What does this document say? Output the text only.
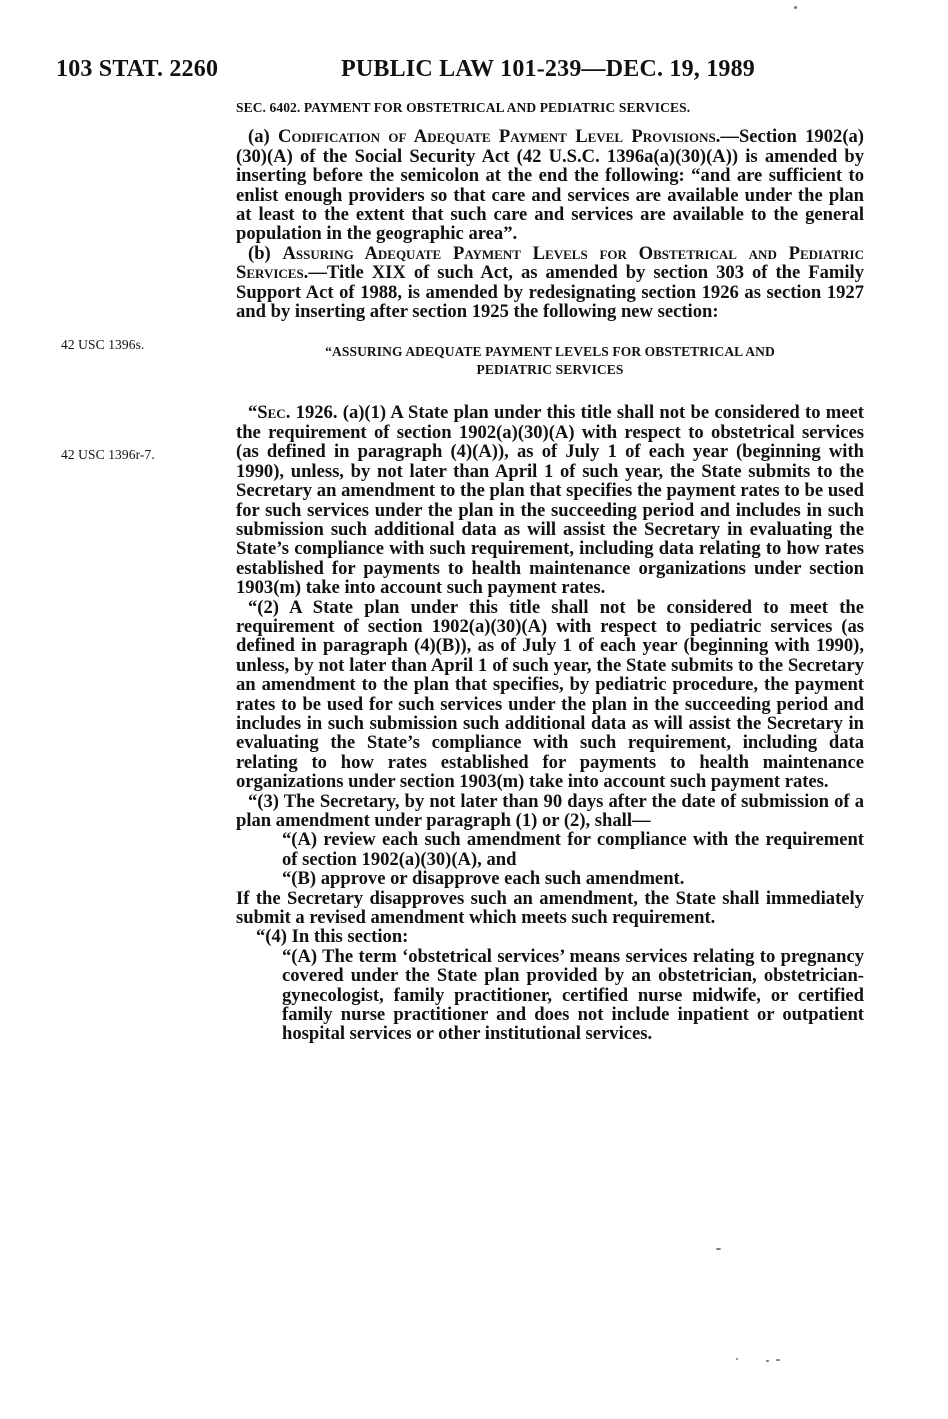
103 STAT. 2260	PUBLIC LAW 101-239—DEC. 19, 1989
42 USC 1396s.
42 USC 1396r-7.
SEC. 6402. PAYMENT FOR OBSTETRICAL AND PEDIATRIC SERVICES.

(a) Codification of Adequate Payment Level Provisions.—Section 1902(a)(30)(A) of the Social Security Act (42 U.S.C. 1396a(a)(30)(A)) is amended by inserting before the semicolon at the end the following: “and are sufficient to enlist enough providers so that care and services are available under the plan at least to the extent that such care and services are available to the general population in the geographic area”.

(b) Assuring Adequate Payment Levels for Obstetrical and Pediatric Services.—Title XIX of such Act, as amended by section 303 of the Family Support Act of 1988, is amended by redesignating section 1926 as section 1927 and by inserting after section 1925 the following new section:

“ASSURING ADEQUATE PAYMENT LEVELS FOR OBSTETRICAL AND
PEDIATRIC SERVICES

“Sec. 1926. (a)(1) A State plan under this title shall not be considered to meet the requirement of section 1902(a)(30)(A) with respect to obstetrical services (as defined in paragraph (4)(A)), as of July 1 of each year (beginning with 1990), unless, by not later than April 1 of such year, the State submits to the Secretary an amendment to the plan that specifies the payment rates to be used for such services under the plan in the succeeding period and includes in such submission such additional data as will assist the Secretary in evaluating the State’s compliance with such requirement, including data relating to how rates established for payments to health maintenance organizations under section 1903(m) take into account such payment rates.

“(2) A State plan under this title shall not be considered to meet the requirement of section 1902(a)(30)(A) with respect to pediatric services (as defined in paragraph (4)(B)), as of July 1 of each year (beginning with 1990), unless, by not later than April 1 of such year, the State submits to the Secretary an amendment to the plan that specifies, by pediatric procedure, the payment rates to be used for such services under the plan in the succeeding period and includes in such submission such additional data as will assist the Secretary in evaluating the State’s compliance with such requirement, including data relating to how rates established for payments to health maintenance organizations under section 1903(m) take into account such payment rates.

“(3) The Secretary, by not later than 90 days after the date of submission of a plan amendment under paragraph (1) or (2), shall—

“(A) review each such amendment for compliance with the requirement of section 1902(a)(30)(A), and

“(B) approve or disapprove each such amendment.

If the Secretary disapproves such an amendment, the State shall immediately submit a revised amendment which meets such requirement.

“(4) In this section:

“(A) The term ‘obstetrical services’ means services relating to pregnancy covered under the State plan provided by an obstetrician, obstetrician-gynecologist, family practitioner, certified nurse midwife, or certified family nurse practitioner and does not include inpatient or outpatient hospital services or other institutional services.
